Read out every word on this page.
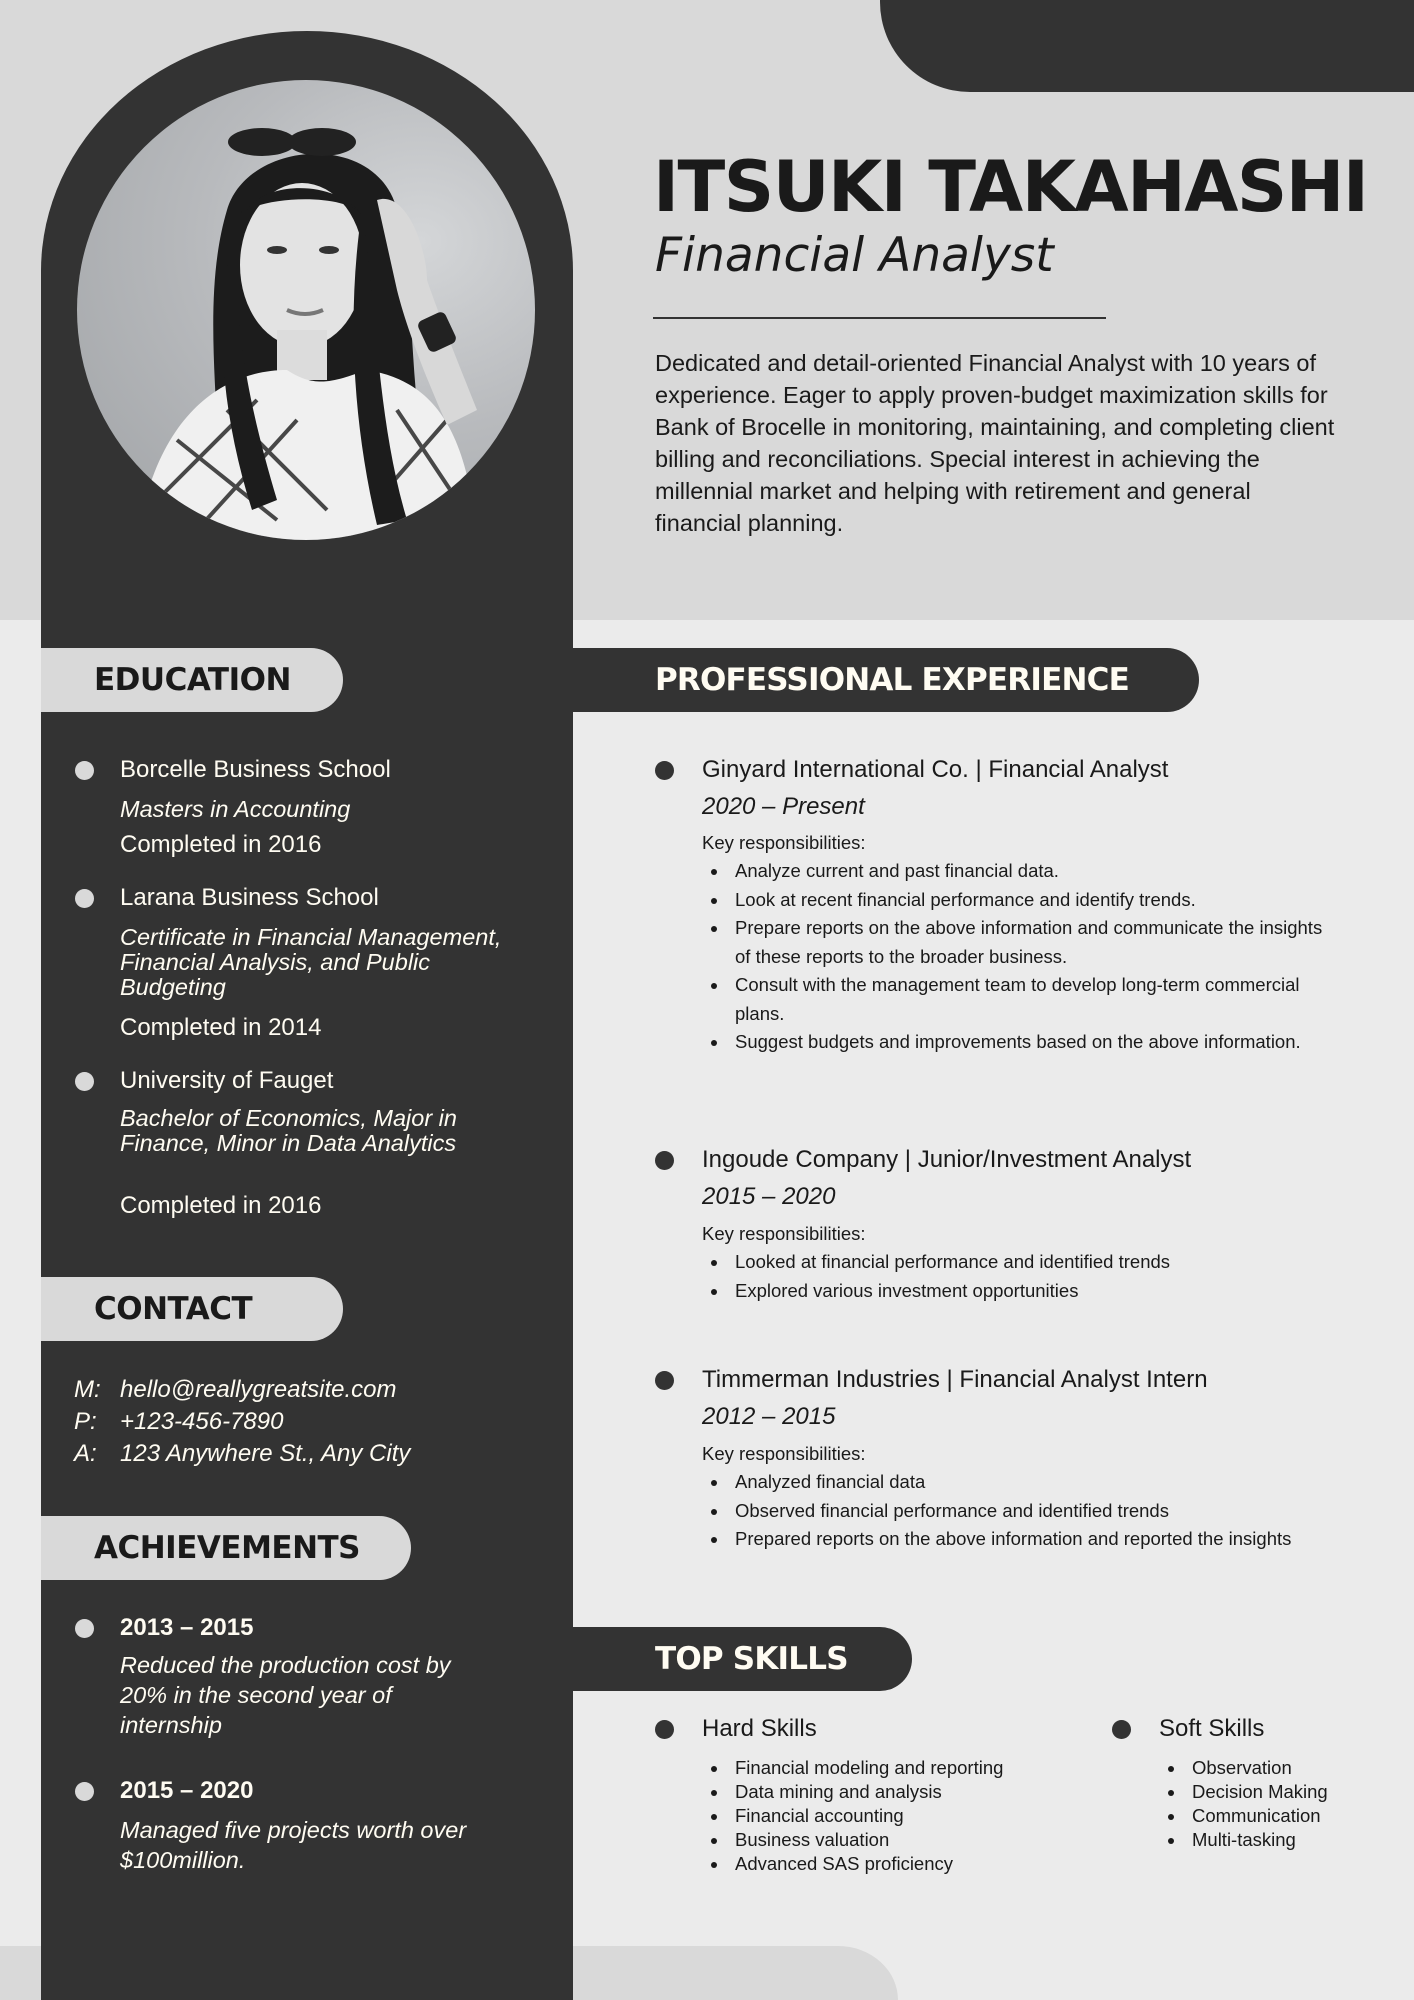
ITSUKI TAKAHASHI
Financial Analyst
Dedicated and detail-oriented Financial Analyst with 10 years of experience. Eager to apply proven-budget maximization skills for Bank of Brocelle in monitoring, maintaining, and completing client billing and reconciliations. Special interest in achieving the millennial market and helping with retirement and general financial planning.
EDUCATION
Borcelle Business School
Masters in Accounting
Completed in 2016
Larana Business School
Certificate in Financial Management, Financial Analysis, and Public Budgeting
Completed in 2014
University of Fauget
Bachelor of Economics, Major in Finance, Minor in Data Analytics
Completed in 2016
CONTACT
M: hello@reallygreatsite.com
P: +123-456-7890
A: 123 Anywhere St., Any City
ACHIEVEMENTS
2013 – 2015
Reduced the production cost by 20% in the second year of internship
2015 – 2020
Managed five projects worth over $100million.
PROFESSIONAL EXPERIENCE
Ginyard International Co. | Financial Analyst
2020 – Present
Key responsibilities:
Analyze current and past financial data.
Look at recent financial performance and identify trends.
Prepare reports on the above information and communicate the insights of these reports to the broader business.
Consult with the management team to develop long-term commercial plans.
Suggest budgets and improvements based on the above information.
Ingoude Company | Junior/Investment Analyst
2015 – 2020
Key responsibilities:
Looked at financial performance and identified trends
Explored various investment opportunities
Timmerman Industries | Financial Analyst Intern
2012 – 2015
Key responsibilities:
Analyzed financial data
Observed financial performance and identified trends
Prepared reports on the above information and reported the insights
TOP SKILLS
Hard Skills
Financial modeling and reporting
Data mining and analysis
Financial accounting
Business valuation
Advanced SAS proficiency
Soft Skills
Observation
Decision Making
Communication
Multi-tasking
